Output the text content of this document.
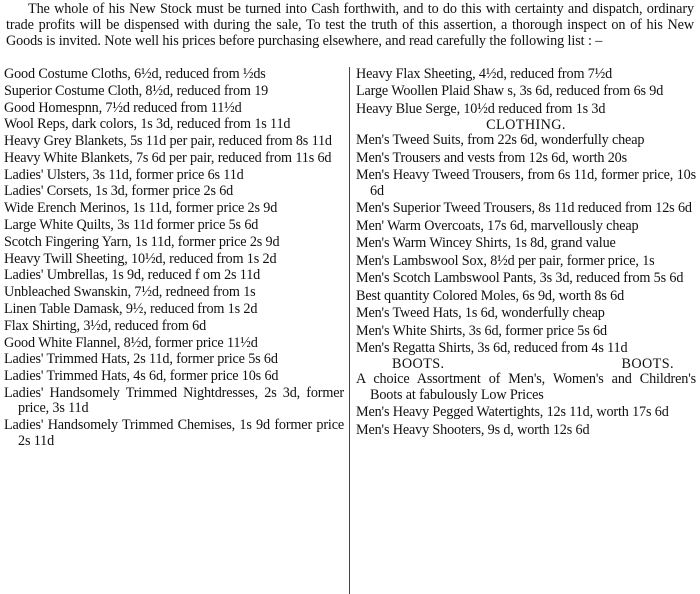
The whole of his New Stock must be turned into Cash forthwith, and to do this with certainty and dispatch, ordinary trade profits will be dispensed with during the sale, To test the truth of this assertion, a thorough inspect on of his New Goods is invited. Note well his prices before purchasing elsewhere, and read carefully the following list : –

Good Costume Cloths, 6½d, reduced from ½ds

Superior Costume Cloth, 8½d, reduced from 19

Good Homespnn, 7½d reduced from 11½d

Wool Reps, dark colors, 1s 3d, reduced from 1s 11d

Heavy Grey Blankets, 5s 11d per pair, reduced from 8s 11d

Heavy White Blankets, 7s 6d per pair, reduced from 11s 6d

Ladies' Ulsters, 3s 11d, former price 6s 11d

Ladies' Corsets, 1s 3d, former price 2s 6d

Wide Erench Merinos, 1s 11d, former price 2s 9d

Large White Quilts, 3s 11d former price 5s 6d

Scotch Fingering Yarn, 1s 11d, former price 2s 9d

Heavy Twill Sheeting, 10½d, reduced from 1s 2d

Ladies' Umbrellas, 1s 9d, reduced f om 2s 11d

Unbleached Swanskin, 7½d, redneed from 1s

Linen Table Damask, 9½, reduced from 1s 2d

Flax Shirting, 3½d, reduced from 6d

Good White Flannel, 8½d, former price 11½d

Ladies' Trimmed Hats, 2s 11d, former price 5s 6d

Ladies' Trimmed Hats, 4s 6d, former price 10s 6d

Ladies' Handsomely Trimmed Nightdresses, 2s 3d, former price, 3s 11d

Ladies' Handsomely Trimmed Chemises, 1s 9d former price 2s 11d

Heavy Flax Sheeting, 4½d, reduced from 7½d

Large Woollen Plaid Shaw s, 3s 6d, reduced from 6s 9d

Heavy Blue Serge, 10½d reduced from 1s 3d

CLOTHING.

Men's Tweed Suits, from 22s 6d, wonderfully cheap

Men's Trousers and vests from 12s 6d, worth 20s

Men's Heavy Tweed Trousers, from 6s 11d, former price, 10s 6d

Men's Superior Tweed Trousers, 8s 11d reduced from 12s 6d

Men' Warm Overcoats, 17s 6d, marvellously cheap

Men's Warm Wincey Shirts, 1s 8d, grand value

Men's Lambswool Sox, 8½d per pair, former price, 1s

Men's Scotch Lambswool Pants, 3s 3d, reduced from 5s 6d

Best quantity Colored Moles, 6s 9d, worth 8s 6d

Men's Tweed Hats, 1s 6d, wonderfully cheap

Men's White Shirts, 3s 6d, former price 5s 6d

Men's Regatta Shirts, 3s 6d, reduced from 4s 11d

BOOTS.	BOOTS.

A choice Assortment of Men's, Women's and Children's Boots at fabulously Low Prices

Men's Heavy Pegged Watertights, 12s 11d, worth 17s 6d

Men's Heavy Shooters, 9s d, worth 12s 6d
